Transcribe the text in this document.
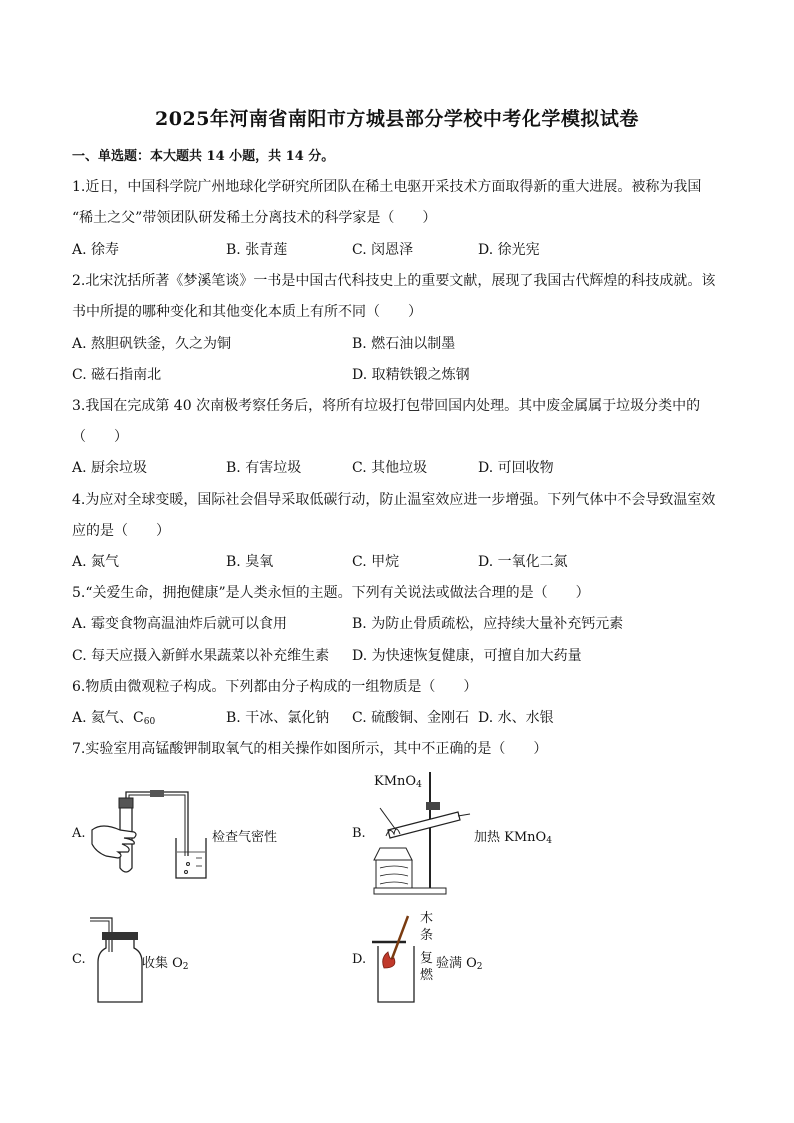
2025年河南省南阳市方城县部分学校中考化学模拟试卷
一、单选题：本大题共 14 小题，共 14 分。
1.近日，中国科学院广州地球化学研究所团队在稀土电驱开采技术方面取得新的重大进展。被称为我国
“稀土之父”带领团队研发稀土分离技术的科学家是（　　）
A. 徐寿	B. 张青莲	C. 闵恩泽	D. 徐光宪
2.北宋沈括所著《梦溪笔谈》一书是中国古代科技史上的重要文献，展现了我国古代辉煌的科技成就。该
书中所提的哪种变化和其他变化本质上有所不同（　　）
A. 熬胆矾铁釜，久之为铜	B. 燃石油以制墨
C. 磁石指南北	D. 取精铁锻之炼钢
3.我国在完成第 40 次南极考察任务后，将所有垃圾打包带回国内处理。其中废金属属于垃圾分类中的
（　　）
A. 厨余垃圾	B. 有害垃圾	C. 其他垃圾	D. 可回收物
4.为应对全球变暖，国际社会倡导采取低碳行动，防止温室效应进一步增强。下列气体中不会导致温室效
应的是（　　）
A. 氮气	B. 臭氧	C. 甲烷	D. 一氧化二氮
5.“关爱生命，拥抱健康”是人类永恒的主题。下列有关说法或做法合理的是（　　）
A. 霉变食物高温油炸后就可以食用	B. 为防止骨质疏松，应持续大量补充钙元素
C. 每天应摄入新鲜水果蔬菜以补充维生素 D. 为快速恢复健康，可擅自加大药量
6.物质由微观粒子构成。下列都由分子构成的一组物质是（　　）
A. 氦气、$C_{60}$	B. 干冰、氯化钠 C. 硫酸铜、金刚石 D. 水、水银
7.实验室用高锰酸钾制取氧气的相关操作如图所示，其中不正确的是（　　）
A.	检查气密性	B.
KMnO$_4$
加热 KMnO$_4$
C.	收集 $O_2$	D.
木
条
复
燃
验满 $O_2$
